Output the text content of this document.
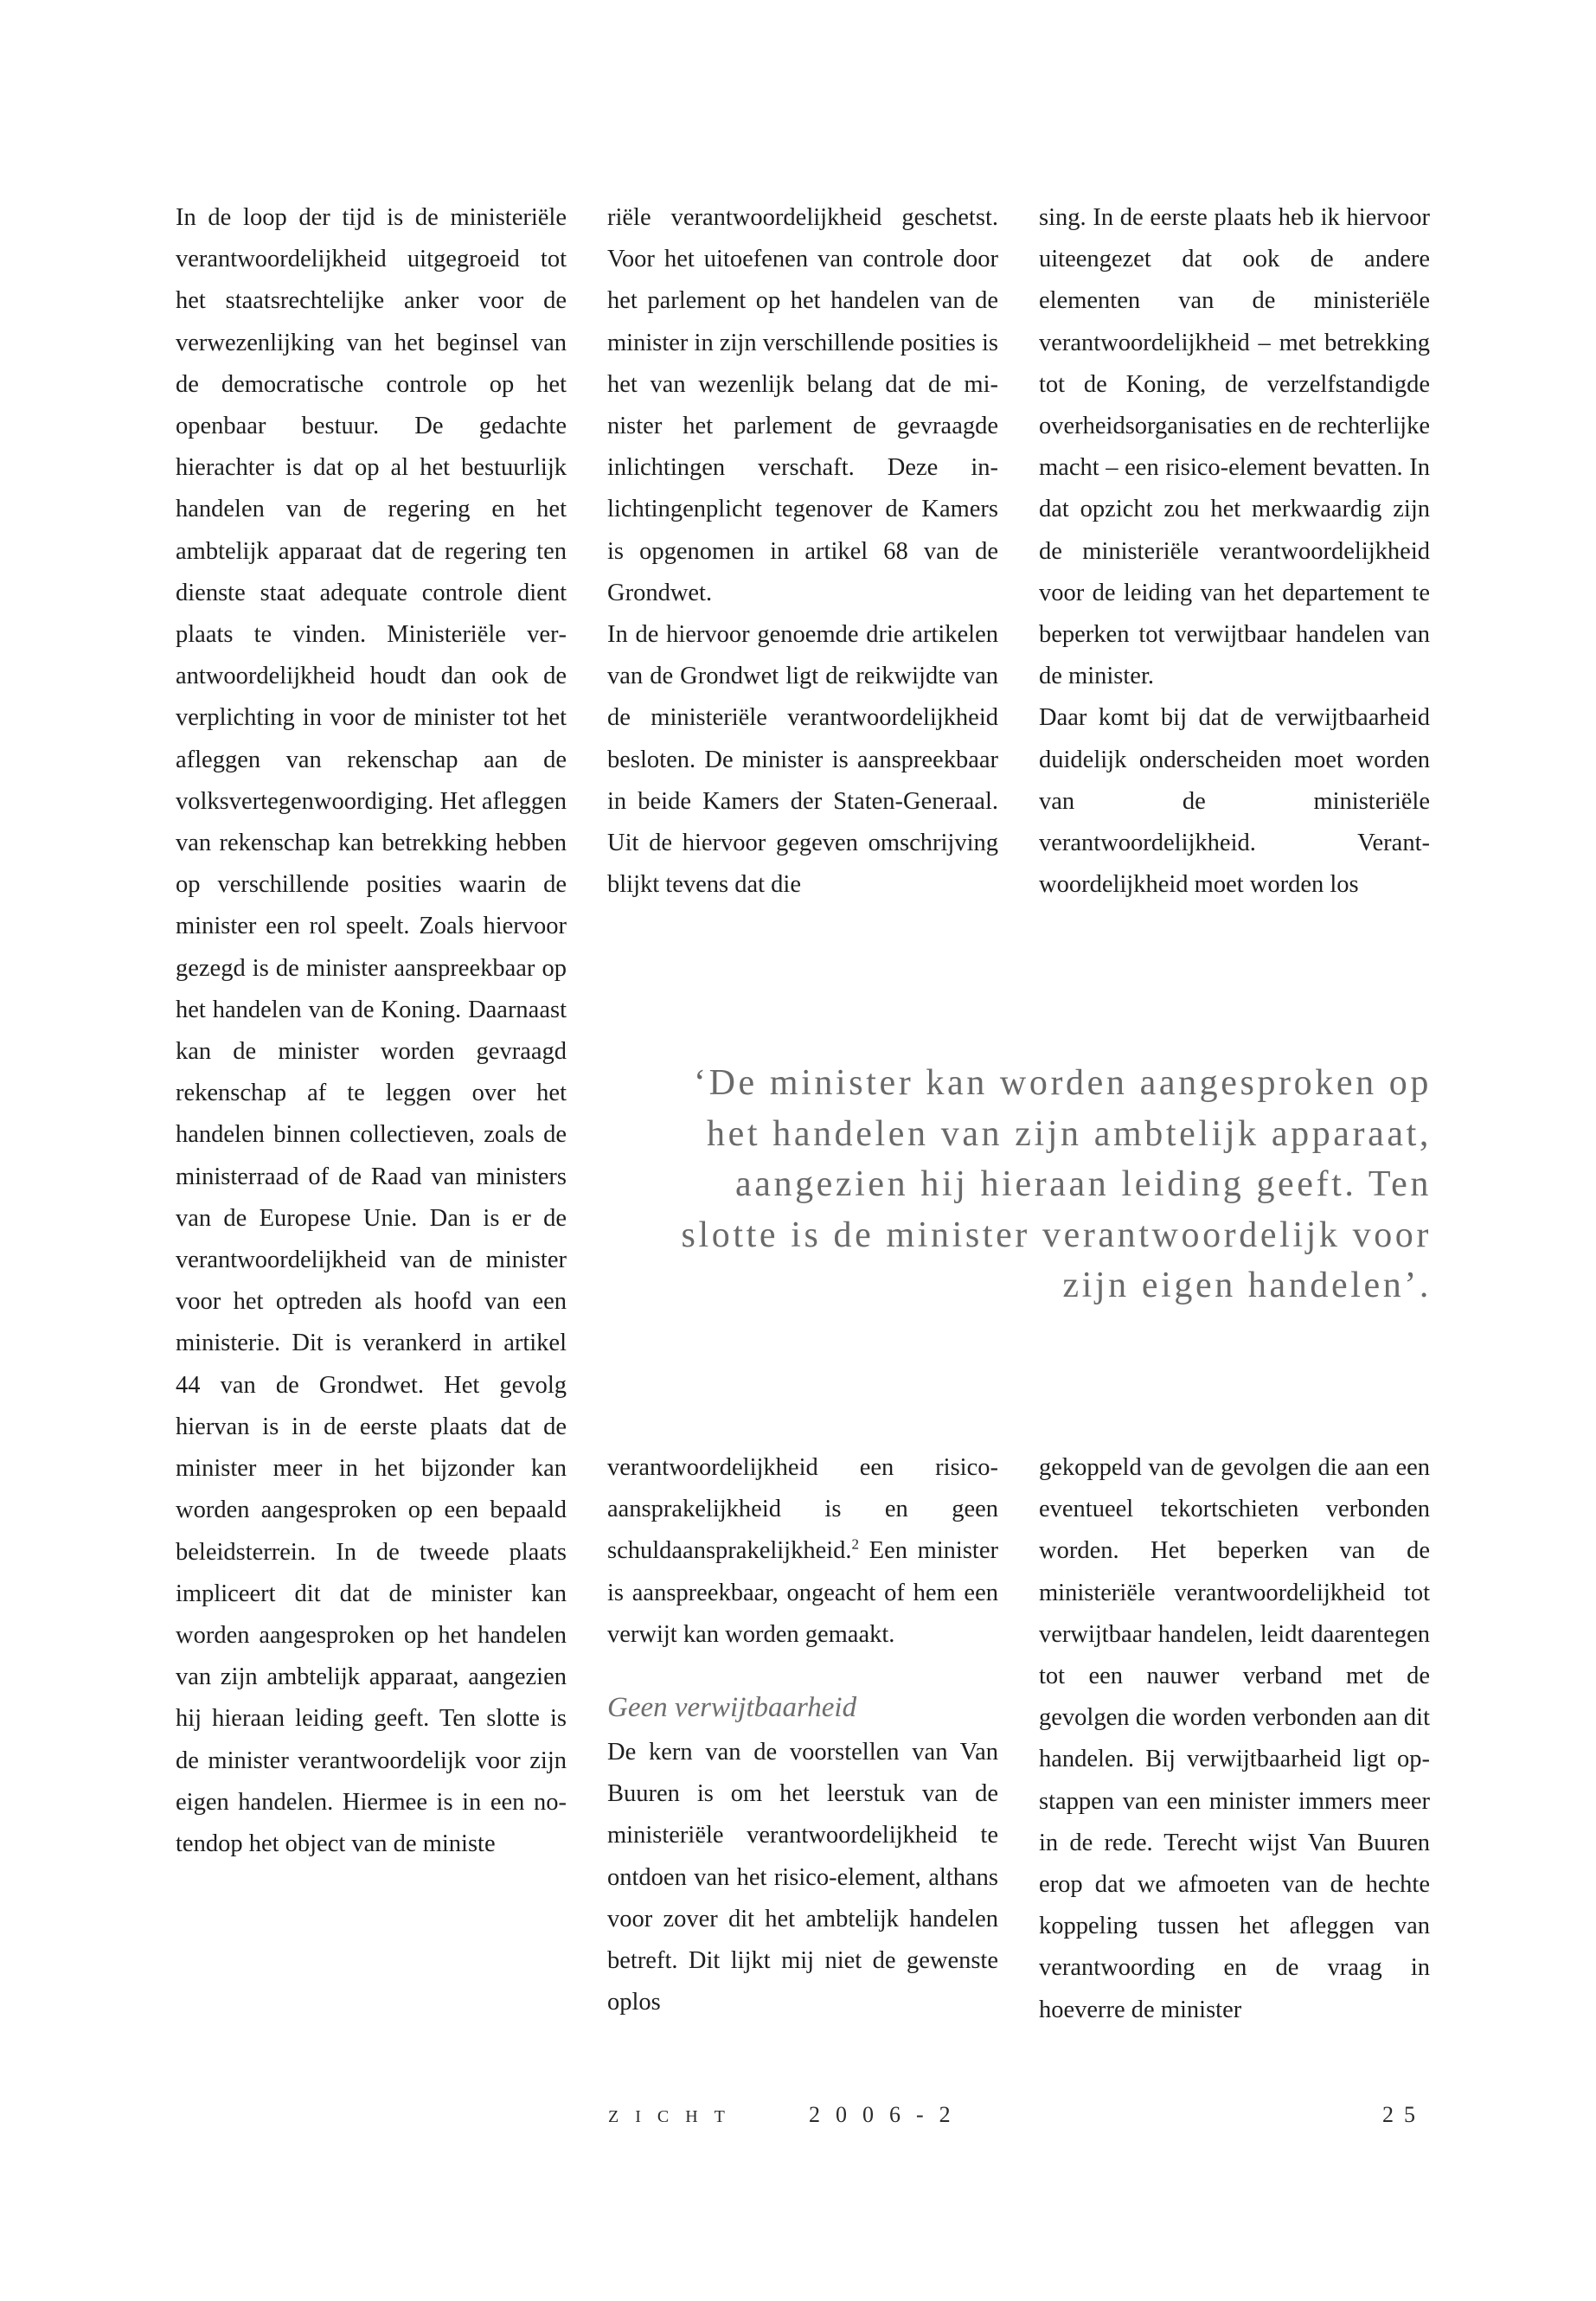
In de loop der tijd is de ministeriële verantwoordelijkheid uitgegroeid tot het staatsrechtelijke anker voor de verwezenlijking van het beginsel van de democratische controle op het openbaar bestuur. De gedachte hierachter is dat op al het bestuurlijk handelen van de regering en het ambtelijk apparaat dat de regering ten dienste staat adequate controle dient plaats te vinden. Ministeriële verantwoordelijkheid houdt dan ook de verplichting in voor de minister tot het afleggen van rekenschap aan de volksvertegenwoordiging. Het afleggen van rekenschap kan betrekking hebben op verschillende posities waarin de minister een rol speelt. Zoals hiervoor gezegd is de minister aanspreekbaar op het handelen van de Koning. Daarnaast kan de minister worden gevraagd rekenschap af te leggen over het handelen binnen collectieven, zoals de ministerraad of de Raad van ministers van de Europese Unie. Dan is er de verantwoordelijkheid van de minister voor het optreden als hoofd van een ministerie. Dit is verankerd in artikel 44 van de Grondwet. Het gevolg hiervan is in de eerste plaats dat de minister meer in het bijzonder kan worden aangesproken op een bepaald beleidsterrein. In de tweede plaats impliceert dit dat de minister kan worden aangesproken op het handelen van zijn ambtelijk apparaat, aangezien hij hieraan leiding geeft. Ten slotte is de minister verantwoordelijk voor zijn eigen handelen. Hiermee is in een notendop het object van de ministe

riële verantwoordelijkheid geschetst. Voor het uitoefenen van controle door het parlement op het handelen van de minister in zijn verschillende posities is het van wezenlijk belang dat de minister het parlement de gevraagde inlichtingen verschaft. Deze inlichtingenplicht tegenover de Kamers is opgenomen in artikel 68 van de Grondwet.

In de hiervoor genoemde drie artikelen van de Grondwet ligt de reikwijdte van de ministeriële verantwoordelijkheid besloten. De minister is aanspreekbaar in beide Kamers der Staten-Generaal. Uit de hiervoor gegeven omschrijving blijkt tevens dat die

sing. In de eerste plaats heb ik hiervoor uiteengezet dat ook de andere elementen van de ministeriële verantwoordelijkheid – met betrekking tot de Koning, de verzelfstandigde overheidsorganisaties en de rechterlijke macht – een risico-element bevatten. In dat opzicht zou het merkwaardig zijn de ministeriële verantwoordelijkheid voor de leiding van het departement te beperken tot verwijtbaar handelen van de minister.

Daar komt bij dat de verwijtbaarheid duidelijk onderscheiden moet worden van de ministeriële verantwoordelijkheid. Verantwoordelijkheid moet worden los

‘De minister kan worden aangesproken op het handelen van zijn ambtelijk apparaat, aangezien hij hieraan leiding geeft. Ten slotte is de minister verantwoordelijk voor zijn eigen handelen’.

verantwoordelijkheid een risicoaansprakelijkheid is en geen schuldaansprakelijkheid.$^2$ Een minister is aanspreekbaar, ongeacht of hem een verwijt kan worden gemaakt.

Geen verwijtbaarheid

De kern van de voorstellen van Van Buuren is om het leerstuk van de ministeriële verantwoordelijkheid te ontdoen van het risico-element, althans voor zover dit het ambtelijk handelen betreft. Dit lijkt mij niet de gewenste oplos

gekoppeld van de gevolgen die aan een eventueel tekortschieten verbonden worden. Het beperken van de ministeriële verantwoordelijkheid tot verwijtbaar handelen, leidt daarentegen tot een nauwer verband met de gevolgen die worden verbonden aan dit handelen. Bij verwijtbaarheid ligt opstappen van een minister immers meer in de rede. Terecht wijst Van Buuren erop dat we afmoeten van de hechte koppeling tussen het afleggen van verantwoording en de vraag in hoeverre de minister

ZICHT	2006-2	25
